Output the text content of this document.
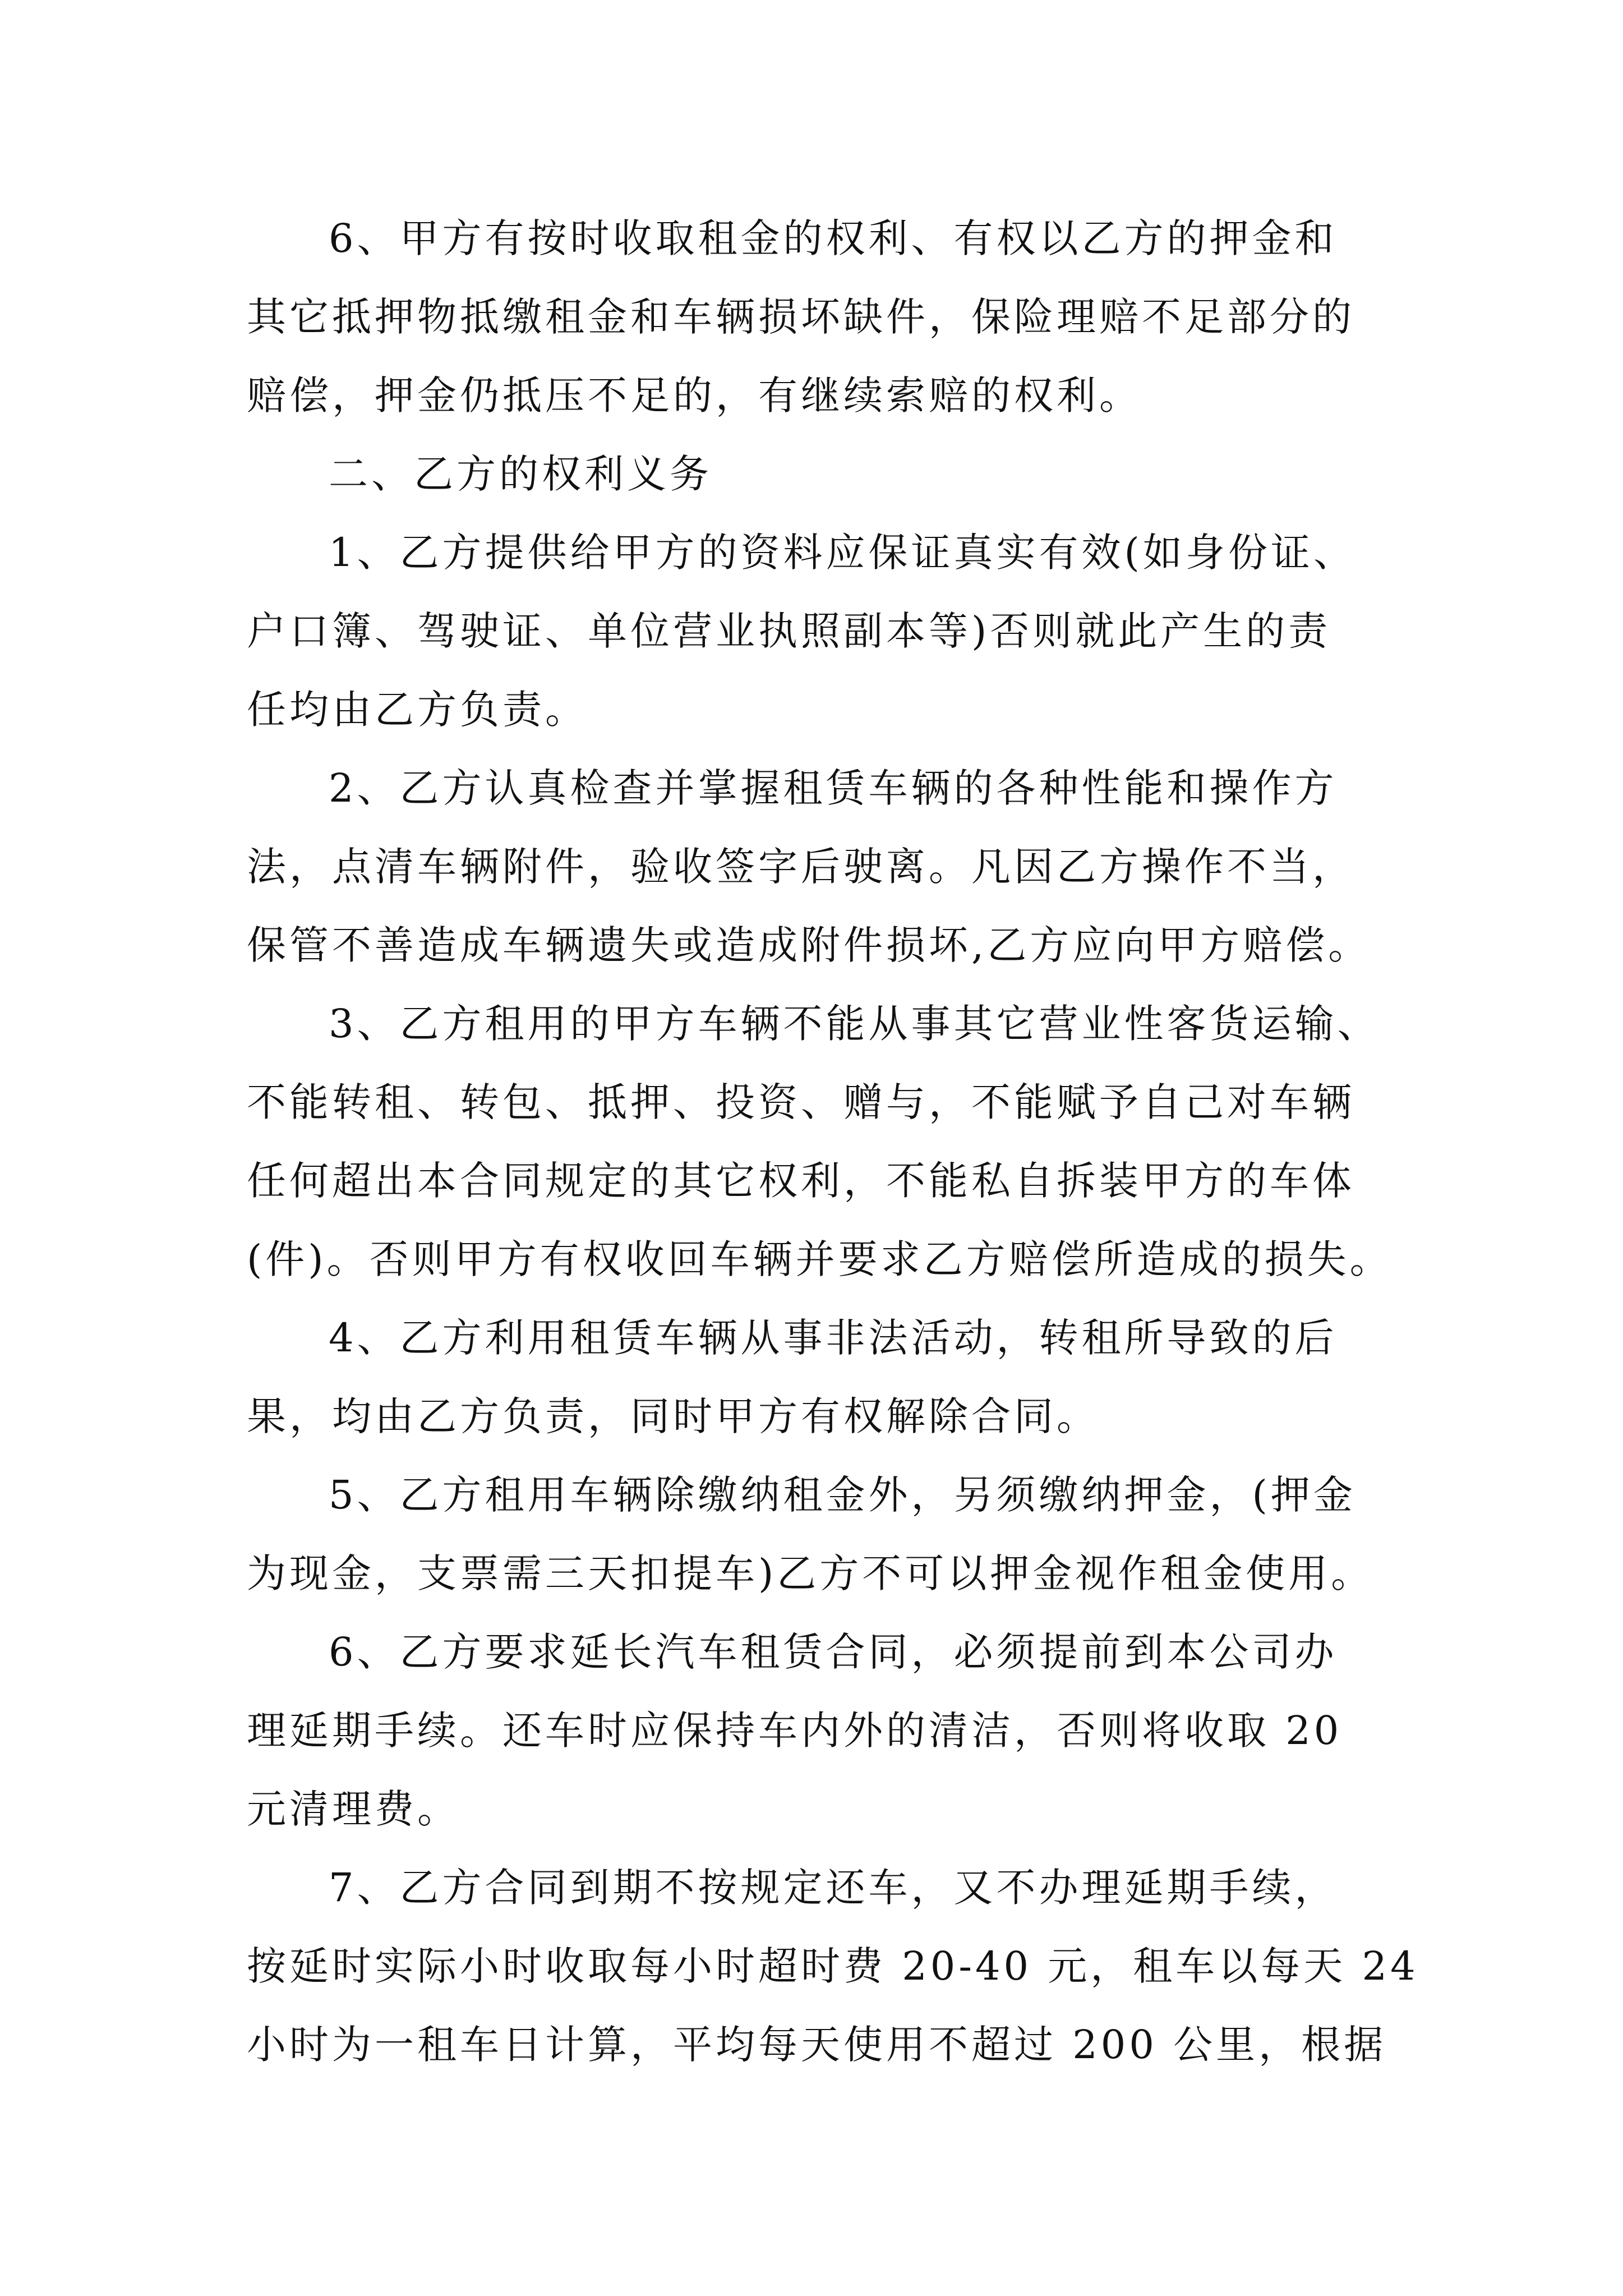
6、甲方有按时收取租金的权利、有权以乙方的押金和
其它抵押物抵缴租金和车辆损坏缺件，保险理赔不足部分的
赔偿，押金仍抵压不足的，有继续索赔的权利。
二、乙方的权利义务
1、乙方提供给甲方的资料应保证真实有效(如身份证、
户口簿、驾驶证、单位营业执照副本等)否则就此产生的责
任均由乙方负责。
2、乙方认真检查并掌握租赁车辆的各种性能和操作方
法，点清车辆附件，验收签字后驶离。凡因乙方操作不当，
保管不善造成车辆遗失或造成附件损坏,乙方应向甲方赔偿。
3、乙方租用的甲方车辆不能从事其它营业性客货运输、
不能转租、转包、抵押、投资、赠与，不能赋予自己对车辆
任何超出本合同规定的其它权利，不能私自拆装甲方的车体
(件)。否则甲方有权收回车辆并要求乙方赔偿所造成的损失。
4、乙方利用租赁车辆从事非法活动，转租所导致的后
果，均由乙方负责，同时甲方有权解除合同。
5、乙方租用车辆除缴纳租金外，另须缴纳押金，(押金
为现金，支票需三天扣提车)乙方不可以押金视作租金使用。
6、乙方要求延长汽车租赁合同，必须提前到本公司办
理延期手续。还车时应保持车内外的清洁，否则将收取 20
元清理费。
7、乙方合同到期不按规定还车，又不办理延期手续，
按延时实际小时收取每小时超时费 20-40 元，租车以每天 24
小时为一租车日计算，平均每天使用不超过 200 公里，根据
